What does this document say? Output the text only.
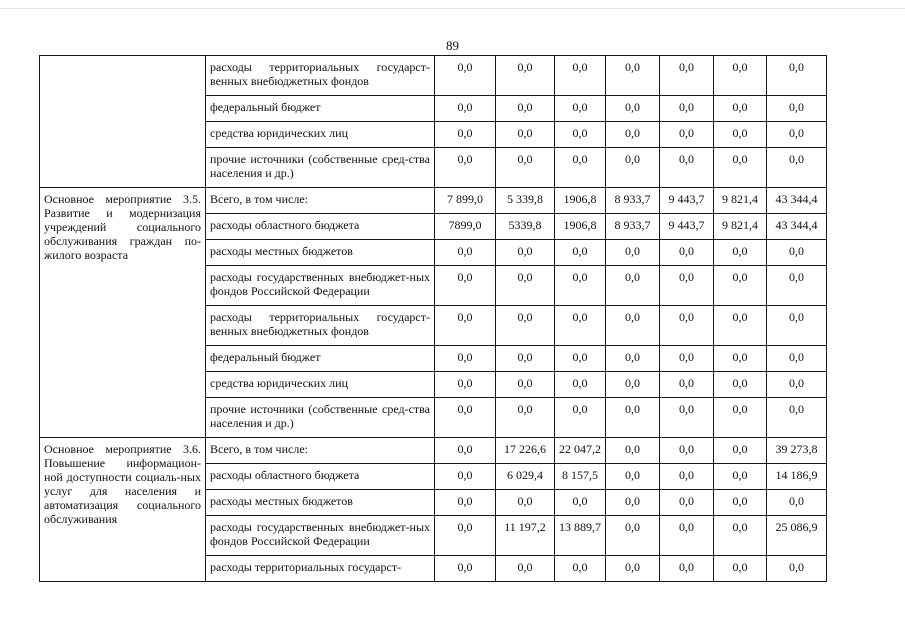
89
	расходы территориальных государст-венных внебюджетных фондов	0,0	0,0	0,0	0,0	0,0	0,0	0,0
	федеральный бюджет	0,0	0,0	0,0	0,0	0,0	0,0	0,0
	средства юридических лиц	0,0	0,0	0,0	0,0	0,0	0,0	0,0
	прочие источники (собственные сред-ства населения и др.)	0,0	0,0	0,0	0,0	0,0	0,0	0,0
Основное мероприятие 3.5. Развитие и модернизация учреждений социального обслуживания граждан по-жилого возраста	Всего, в том числе:	7 899,0	5 339,8	1906,8	8 933,7	9 443,7	9 821,4	43 344,4
	расходы областного бюджета	7899,0	5339,8	1906,8	8 933,7	9 443,7	9 821,4	43 344,4
	расходы местных бюджетов	0,0	0,0	0,0	0,0	0,0	0,0	0,0
	расходы государственных внебюджет-ных фондов Российской Федерации	0,0	0,0	0,0	0,0	0,0	0,0	0,0
	расходы территориальных государст-венных внебюджетных фондов	0,0	0,0	0,0	0,0	0,0	0,0	0,0
	федеральный бюджет	0,0	0,0	0,0	0,0	0,0	0,0	0,0
	средства юридических лиц	0,0	0,0	0,0	0,0	0,0	0,0	0,0
	прочие источники (собственные сред-ства населения и др.)	0,0	0,0	0,0	0,0	0,0	0,0	0,0
Основное мероприятие 3.6. Повышение информацион-ной доступности социаль-ных услуг для населения и автоматизация социального обслуживания	Всего, в том числе:	0,0	17 226,6	22 047,2	0,0	0,0	0,0	39 273,8
	расходы областного бюджета	0,0	6 029,4	8 157,5	0,0	0,0	0,0	14 186,9
	расходы местных бюджетов	0,0	0,0	0,0	0,0	0,0	0,0	0,0
	расходы государственных внебюджет-ных фондов Российской Федерации	0,0	11 197,2	13 889,7	0,0	0,0	0,0	25 086,9
	расходы территориальных государст-	0,0	0,0	0,0	0,0	0,0	0,0	0,0
